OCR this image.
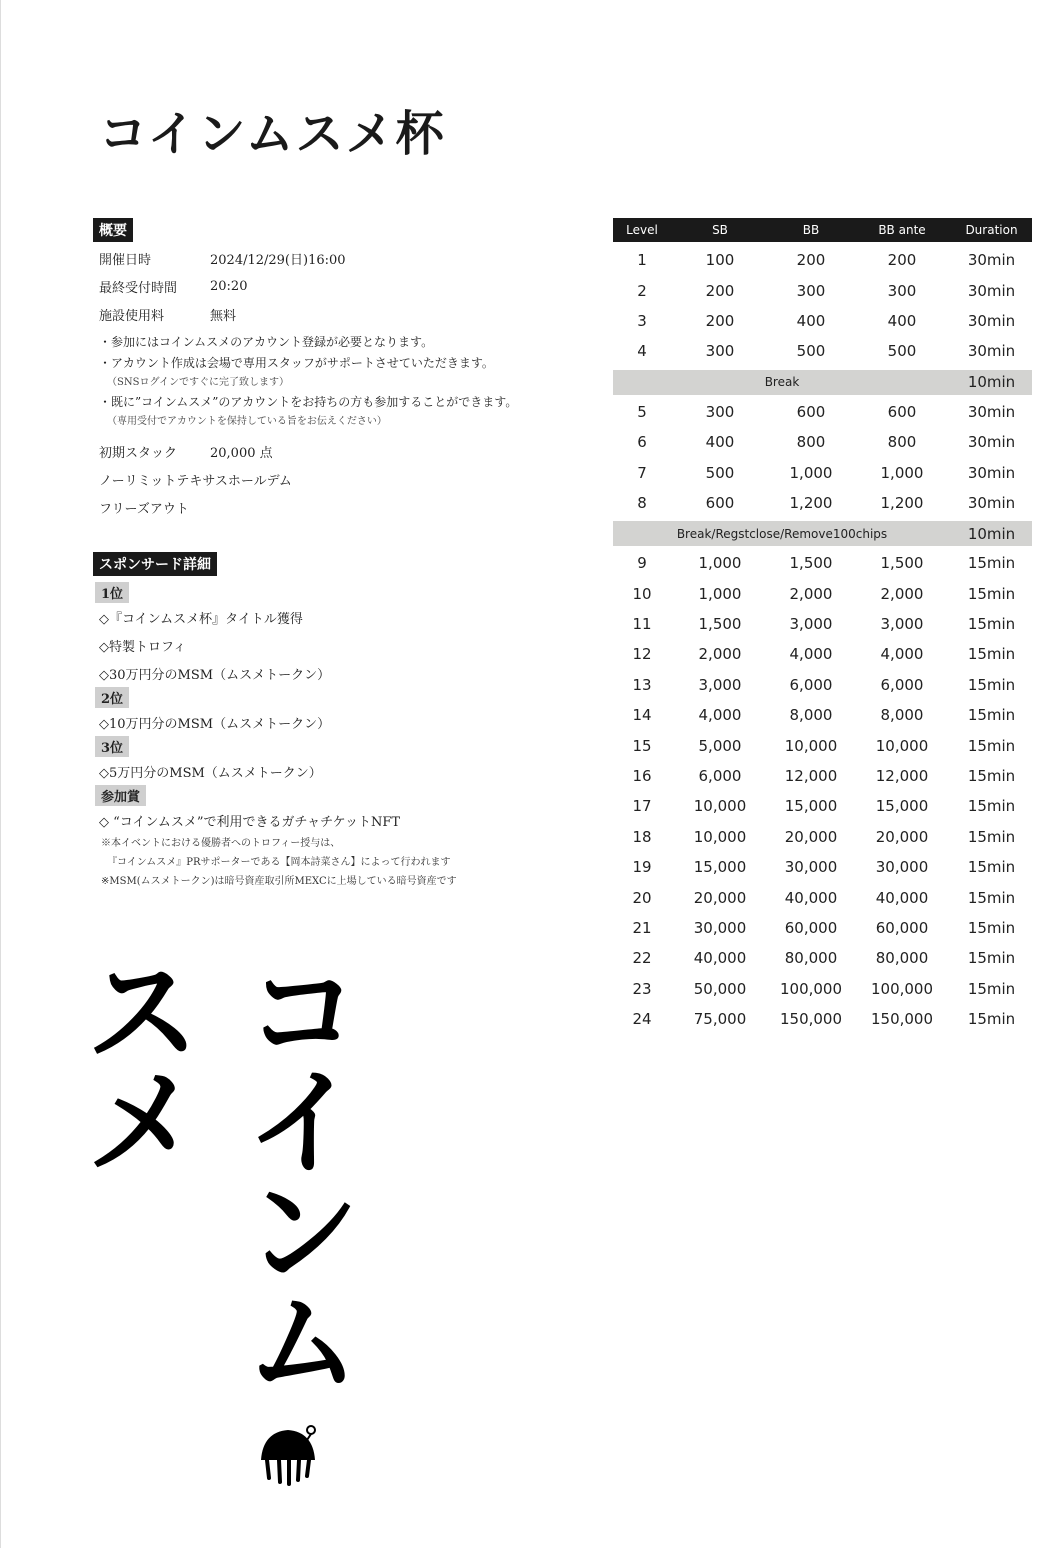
コインムスメ杯
概要
開催日時	2024/12/29(日)16:00
最終受付時間	20:20
施設使用料	無料
・参加にはコインムスメのアカウント登録が必要となります。
・アカウント作成は会場で専用スタッフがサポートさせていただきます。
（SNSログインですぐに完了致します）
・既に”コインムスメ”のアカウントをお持ちの方も参加することができます。
（専用受付でアカウントを保持している旨をお伝えください）
初期スタック	20,000 点
ノーリミットテキサスホールデム
フリーズアウト
スポンサード詳細
1位
◇『コインムスメ杯』タイトル獲得
◇特製トロフィ
◇30万円分のMSM（ムスメトークン）
2位
◇10万円分のMSM（ムスメトークン）
3位
◇5万円分のMSM（ムスメトークン）
参加賞
◇ “コインムスメ”で利用できるガチャチケットNFT
※本イベントにおける優勝者へのトロフィー授与は、
『コインムスメ』PRサポーターである【岡本詩菜さん】によって行われます
※MSM(ムスメトークン)は暗号資産取引所MEXCに上場している暗号資産です
Level	SB	BB	BB ante	Duration
1	100	200	200	30min
2	200	300	300	30min
3	200	400	400	30min
4	300	500	500	30min
Break	10min
5	300	600	600	30min
6	400	800	800	30min
7	500	1,000	1,000	30min
8	600	1,200	1,200	30min
Break/Regstclose/Remove100chips	10min
9	1,000	1,500	1,500	15min
10	1,000	2,000	2,000	15min
11	1,500	3,000	3,000	15min
12	2,000	4,000	4,000	15min
13	3,000	6,000	6,000	15min
14	4,000	8,000	8,000	15min
15	5,000	10,000	10,000	15min
16	6,000	12,000	12,000	15min
17	10,000	15,000	15,000	15min
18	10,000	20,000	20,000	15min
19	15,000	30,000	30,000	15min
20	20,000	40,000	40,000	15min
21	30,000	60,000	60,000	15min
22	40,000	80,000	80,000	15min
23	50,000	100,000	100,000	15min
24	75,000	150,000	150,000	15min
コインムスメ
